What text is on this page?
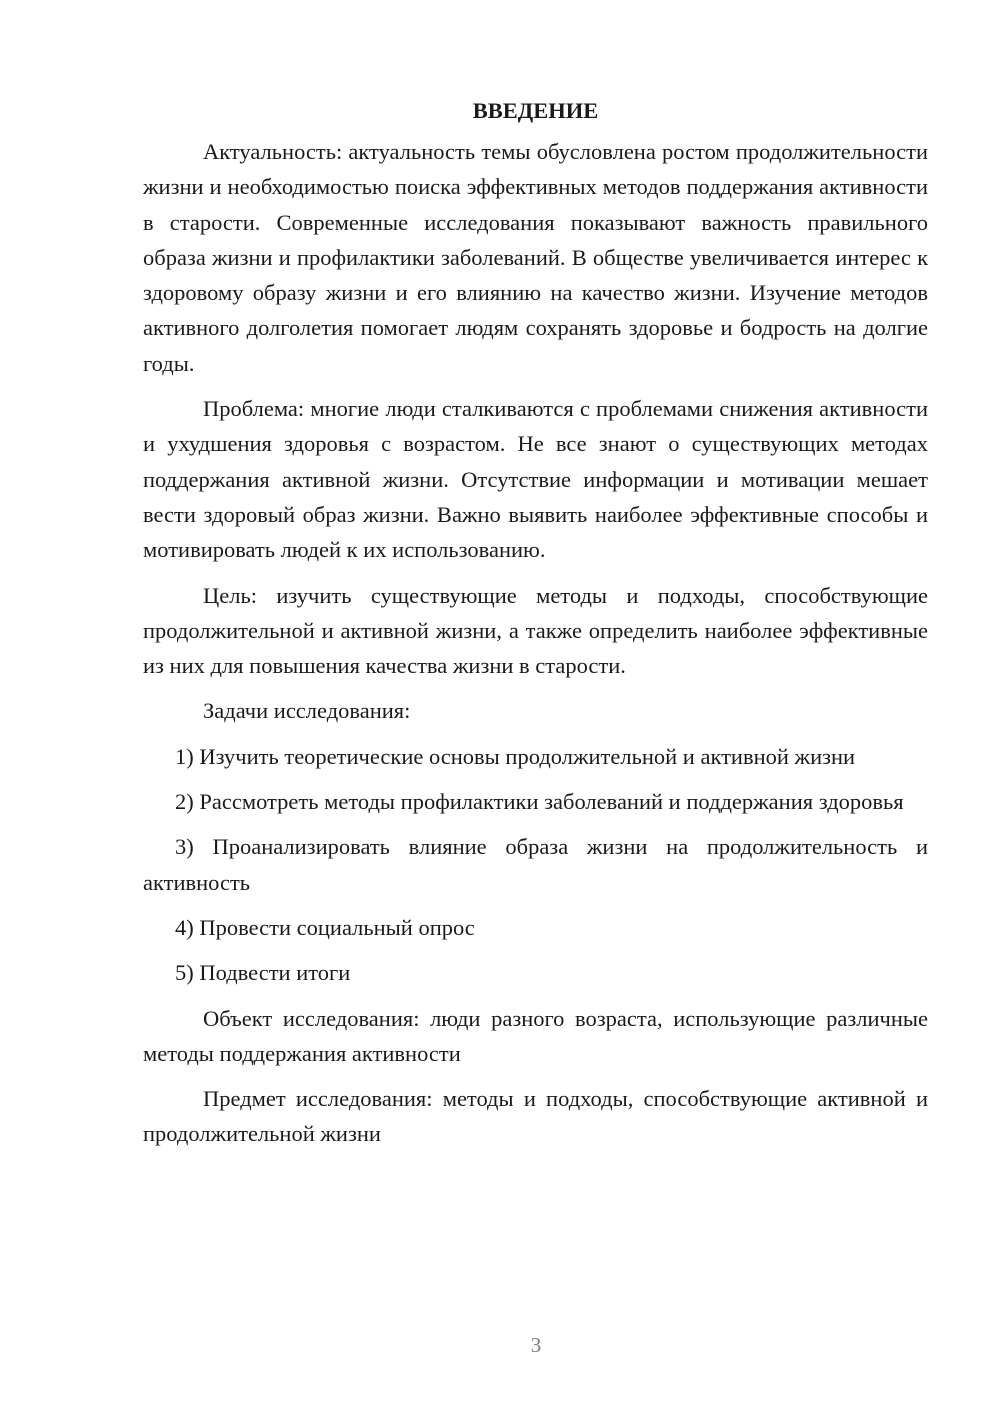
ВВЕДЕНИЕ

Актуальность: актуальность темы обусловлена ростом продолжительности жизни и необходимостью поиска эффективных методов поддержания активности в старости. Современные исследования показывают важность правильного образа жизни и профилактики заболеваний. В обществе увеличивается интерес к здоровому образу жизни и его влиянию на качество жизни. Изучение методов активного долголетия помогает людям сохранять здоровье и бодрость на долгие годы.

Проблема: многие люди сталкиваются с проблемами снижения активности и ухудшения здоровья с возрастом. Не все знают о существующих методах поддержания активной жизни. Отсутствие информации и мотивации мешает вести здоровый образ жизни. Важно выявить наиболее эффективные способы и мотивировать людей к их использованию.

Цель: изучить существующие методы и подходы, способствующие продолжительной и активной жизни, а также определить наиболее эффективные из них для повышения качества жизни в старости.

Задачи исследования:

1) Изучить теоретические основы продолжительной и активной жизни

2) Рассмотреть методы профилактики заболеваний и поддержания здоровья

3) Проанализировать влияние образа жизни на продолжительность и активность

4) Провести социальный опрос

5) Подвести итоги

Объект исследования: люди разного возраста, использующие различные методы поддержания активности

Предмет исследования: методы и подходы, способствующие активной и продолжительной жизни

3
